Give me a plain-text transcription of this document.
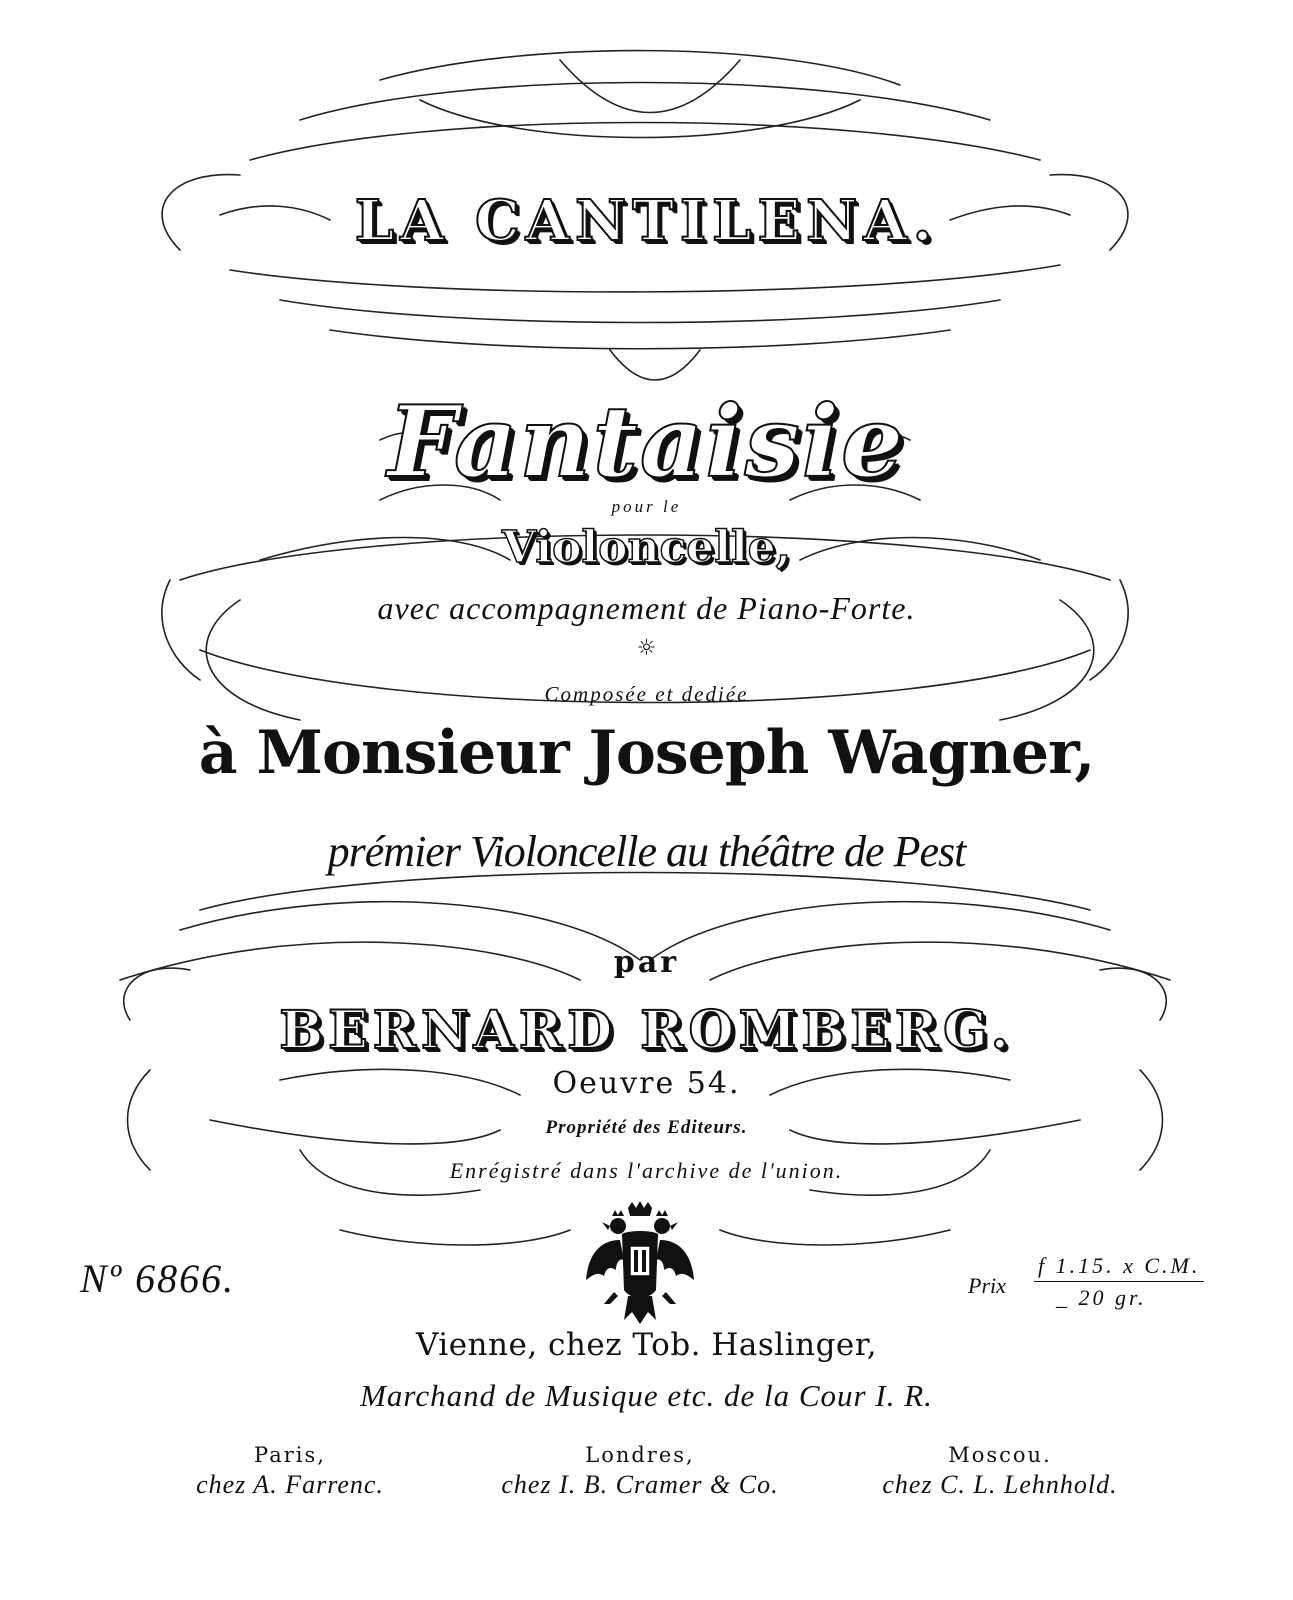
LA CANTILENA.
Fantaisie
pour le
Violoncelle,
avec accompagnement de Piano-Forte.
☼
Composée et dediée
à Monsieur Joseph Wagner,
prémier Violoncelle au théâtre de Pest
par
BERNARD ROMBERG.
Oeuvre 54.
Propriété des Editeurs.
Enrégistré dans l'archive de l'union.
Nº 6866.	Prix
f 1.15. x C.M.
_ 20 gr.
Vienne, chez Tob. Haslinger,
Marchand de Musique etc. de la Cour I. R.
Paris,
chez A. Farrenc.
Londres,
chez I. B. Cramer & Co.
Moscou.
chez C. L. Lehnhold.
